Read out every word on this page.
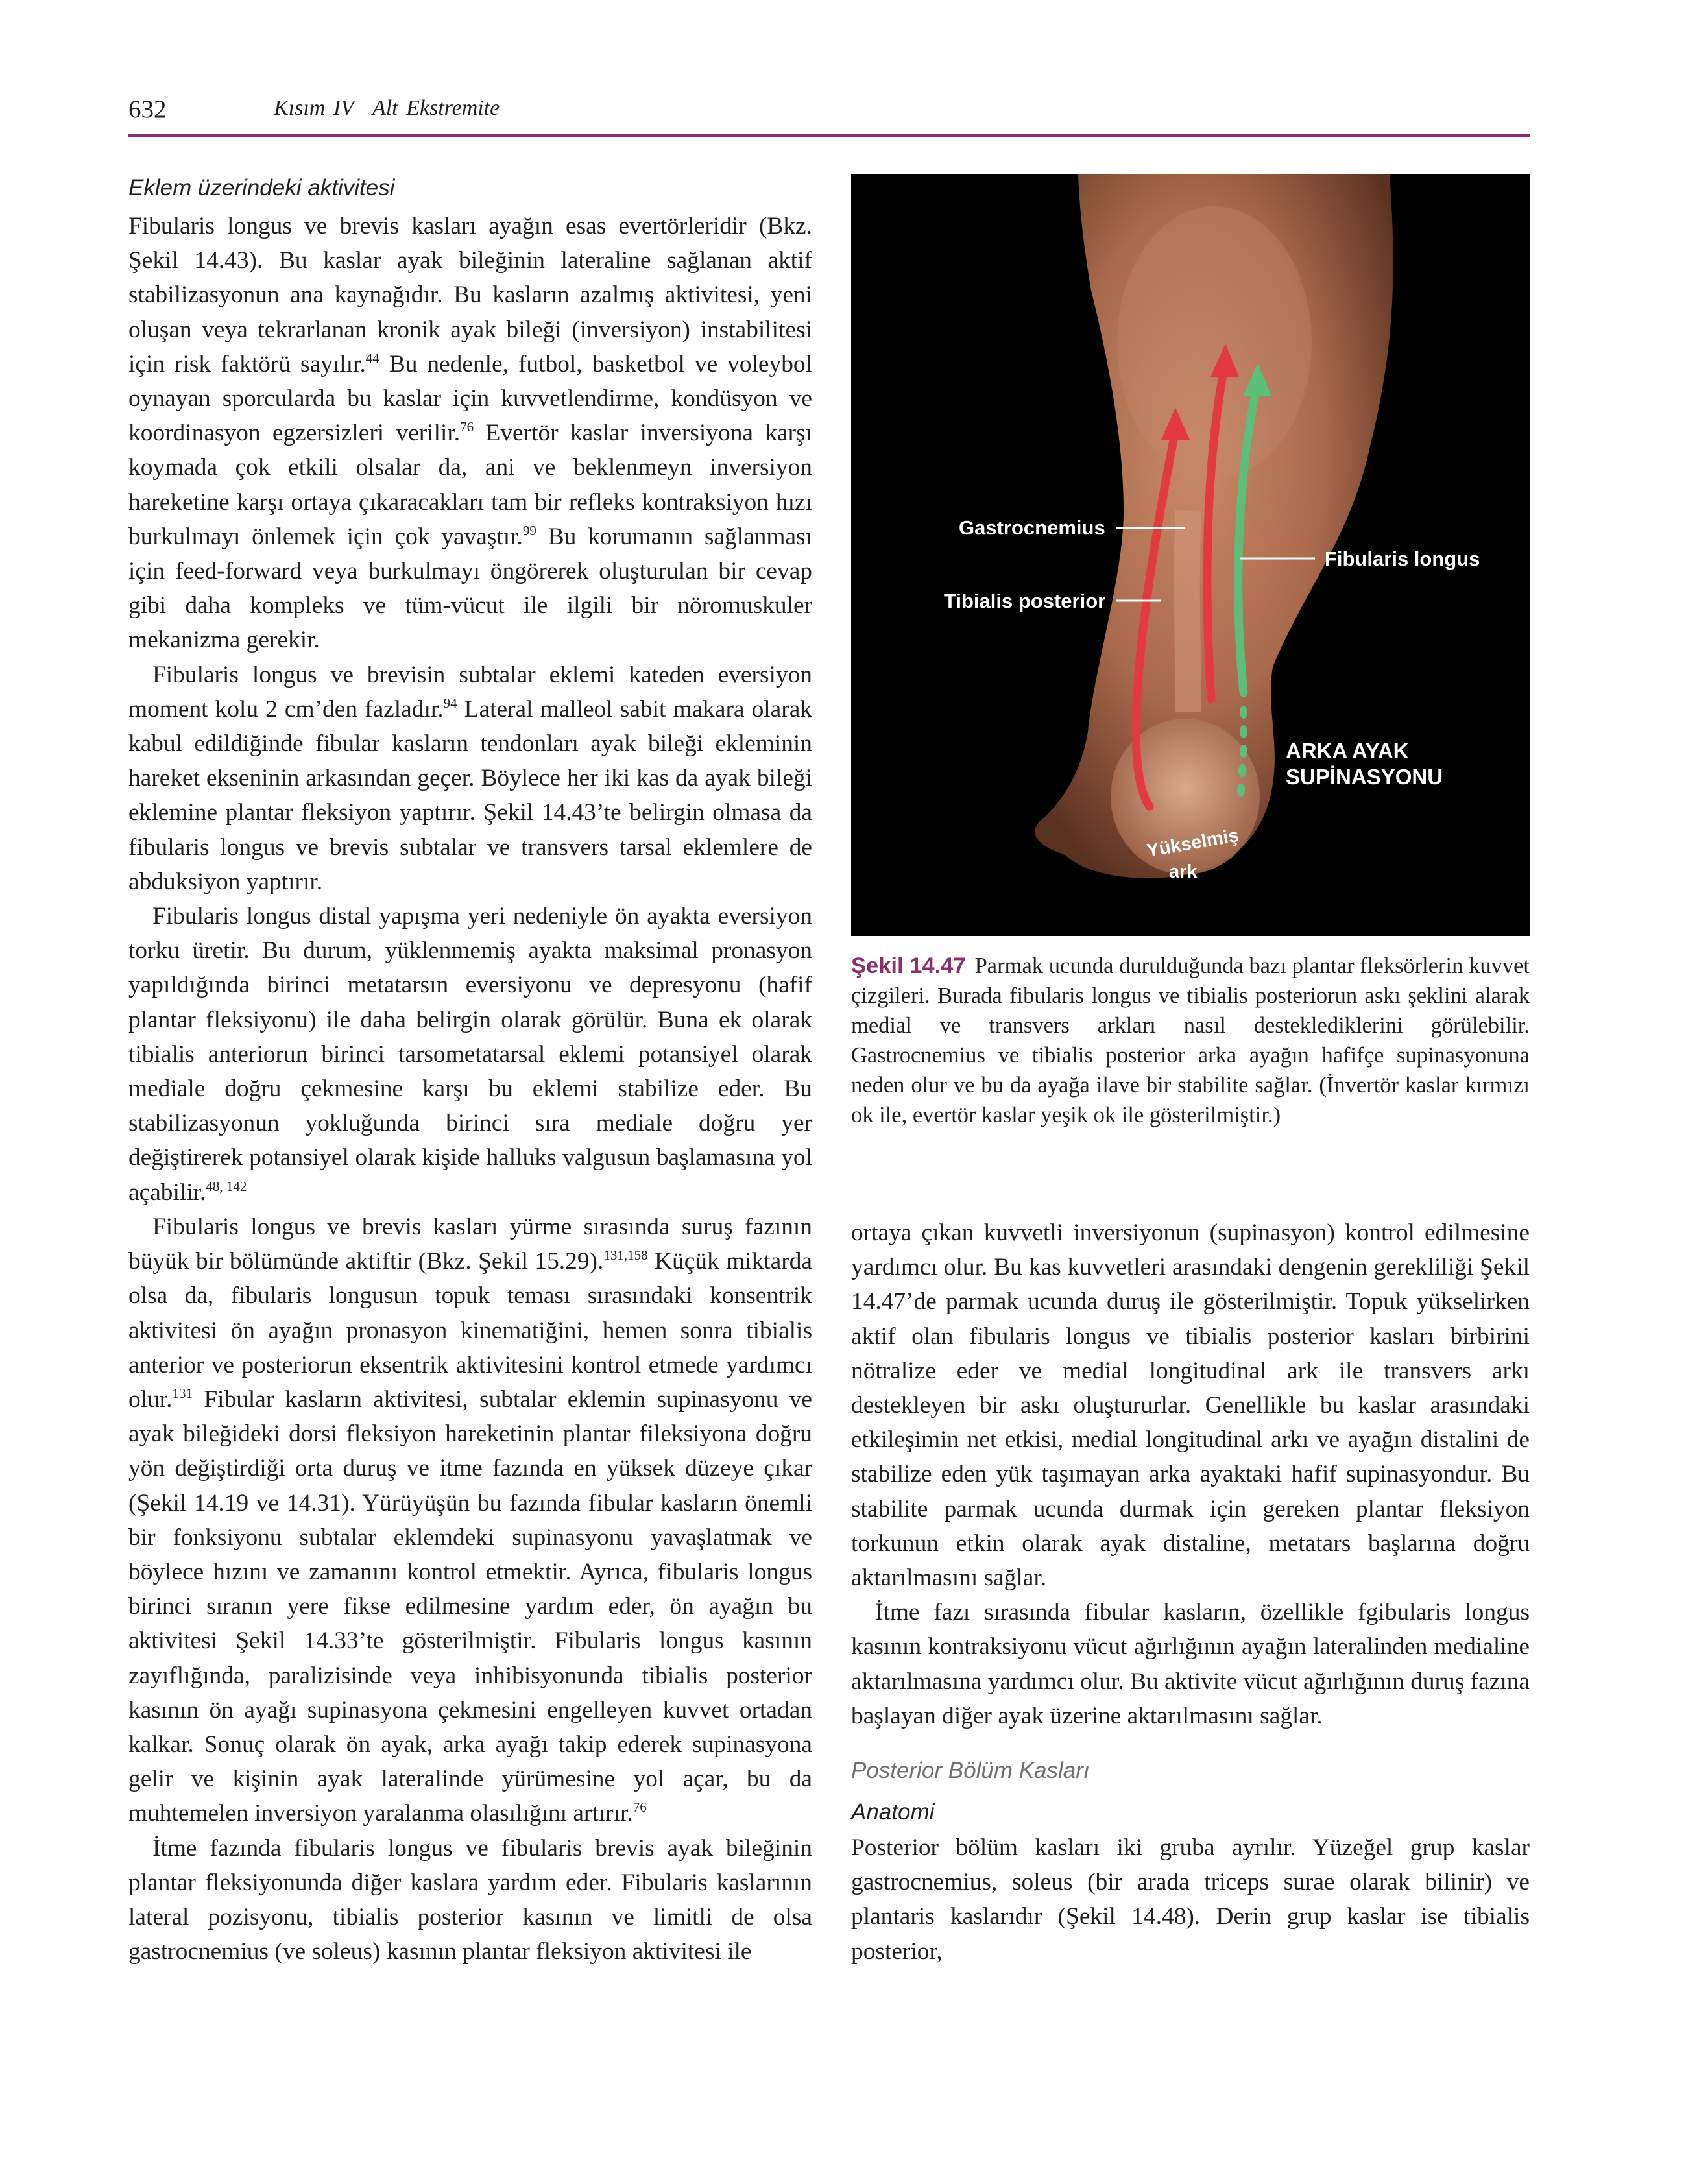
632	Kısım IV Alt Ekstremite
Eklem üzerindeki aktivitesi

Fibularis longus ve brevis kasları ayağın esas evertörleridir (Bkz. Şekil 14.43). Bu kaslar ayak bileğinin lateraline sağlanan aktif stabilizasyonun ana kaynağıdır. Bu kasların azalmış aktivitesi, yeni oluşan veya tekrarlanan kronik ayak bileği (inversiyon) instabilitesi için risk faktörü sayılır.$^{44}$ Bu nedenle, futbol, basketbol ve voleybol oynayan sporcularda bu kaslar için kuvvetlendirme, kondüsyon ve koordinasyon egzersizleri verilir.$^{76}$ Evertör kaslar inversiyona karşı koymada çok etkili olsalar da, ani ve beklenmeyn inversiyon hareketine karşı ortaya çıkaracakları tam bir refleks kontraksiyon hızı burkulmayı önlemek için çok yavaştır.$^{99}$ Bu korumanın sağlanması için feed-forward veya burkulmayı öngörerek oluşturulan bir cevap gibi daha kompleks ve tüm-vücut ile ilgili bir nöromuskuler mekanizma gerekir.

Fibularis longus ve brevisin subtalar eklemi kateden eversiyon moment kolu 2 cm’den fazladır.$^{94}$ Lateral malleol sabit makara olarak kabul edildiğinde fibular kasların tendonları ayak bileği ekleminin hareket ekseninin arkasından geçer. Böylece her iki kas da ayak bileği eklemine plantar fleksiyon yaptırır. Şekil 14.43’te belirgin olmasa da fibularis longus ve brevis subtalar ve transvers tarsal eklemlere de abduksiyon yaptırır.

Fibularis longus distal yapışma yeri nedeniyle ön ayakta eversiyon torku üretir. Bu durum, yüklenmemiş ayakta maksimal pronasyon yapıldığında birinci metatarsın eversiyonu ve depresyonu (hafif plantar fleksiyonu) ile daha belirgin olarak görülür. Buna ek olarak tibialis anteriorun birinci tarsometatarsal eklemi potansiyel olarak mediale doğru çekmesine karşı bu eklemi stabilize eder. Bu stabilizasyonun yokluğunda birinci sıra mediale doğru yer değiştirerek potansiyel olarak kişide halluks valgusun başlamasına yol açabilir.$^{48, 142}$

Fibularis longus ve brevis kasları yürme sırasında suruş fazının büyük bir bölümünde aktiftir (Bkz. Şekil 15.29).$^{131,158}$ Küçük miktarda olsa da, fibularis longusun topuk teması sırasındaki konsentrik aktivitesi ön ayağın pronasyon kinematiğini, hemen sonra tibialis anterior ve posteriorun eksentrik aktivitesini kontrol etmede yardımcı olur.$^{131}$ Fibular kasların aktivitesi, subtalar eklemin supinasyonu ve ayak bileğideki dorsi fleksiyon hareketinin plantar fileksiyona doğru yön değiştirdiği orta duruş ve itme fazında en yüksek düzeye çıkar (Şekil 14.19 ve 14.31). Yürüyüşün bu fazında fibular kasların önemli bir fonksiyonu subtalar eklemdeki supinasyonu yavaşlatmak ve böylece hızını ve zamanını kontrol etmektir. Ayrıca, fibularis longus birinci sıranın yere fikse edilmesine yardım eder, ön ayağın bu aktivitesi Şekil 14.33’te gösterilmiştir. Fibularis longus kasının zayıflığında, paralizisinde veya inhibisyonunda tibialis posterior kasının ön ayağı supinasyona çekmesini engelleyen kuvvet ortadan kalkar. Sonuç olarak ön ayak, arka ayağı takip ederek supinasyona gelir ve kişinin ayak lateralinde yürümesine yol açar, bu da muhtemelen inversiyon yaralanma olasılığını artırır.$^{76}$

İtme fazında fibularis longus ve fibularis brevis ayak bileğinin plantar fleksiyonunda diğer kaslara yardım eder. Fibularis kaslarının lateral pozisyonu, tibialis posterior kasının ve limitli de olsa gastrocnemius (ve soleus) kasının plantar fleksiyon aktivitesi ile

Gastrocnemius
Tibialis posterior
Fibularis longus
ARKA AYAK
SUPİNASYONU
Yükselmiş
ark
Şekil 14.47 Parmak ucunda durulduğunda bazı plantar fleksörlerin kuvvet çizgileri. Burada fibularis longus ve tibialis posteriorun askı şeklini alarak medial ve transvers arkları nasıl desteklediklerini görülebilir. Gastrocnemius ve tibialis posterior arka ayağın hafifçe supinasyonuna neden olur ve bu da ayağa ilave bir stabilite sağlar. (İnvertör kaslar kırmızı ok ile, evertör kaslar yeşik ok ile gösterilmiştir.)

ortaya çıkan kuvvetli inversiyonun (supinasyon) kontrol edilmesine yardımcı olur. Bu kas kuvvetleri arasındaki dengenin gerekliliği Şekil 14.47’de parmak ucunda duruş ile gösterilmiştir. Topuk yükselirken aktif olan fibularis longus ve tibialis posterior kasları birbirini nötralize eder ve medial longitudinal ark ile transvers arkı destekleyen bir askı oluştururlar. Genellikle bu kaslar arasındaki etkileşimin net etkisi, medial longitudinal arkı ve ayağın distalini de stabilize eden yük taşımayan arka ayaktaki hafif supinasyondur. Bu stabilite parmak ucunda durmak için gereken plantar fleksiyon torkunun etkin olarak ayak distaline, metatars başlarına doğru aktarılmasını sağlar.

İtme fazı sırasında fibular kasların, özellikle fgibularis longus kasının kontraksiyonu vücut ağırlığının ayağın lateralinden medialine aktarılmasına yardımcı olur. Bu aktivite vücut ağırlığının duruş fazına başlayan diğer ayak üzerine aktarılmasını sağlar.

Posterior Bölüm Kasları
Anatomi

Posterior bölüm kasları iki gruba ayrılır. Yüzeğel grup kaslar gastrocnemius, soleus (bir arada triceps surae olarak bilinir) ve plantaris kaslarıdır (Şekil 14.48). Derin grup kaslar ise tibialis posterior,
